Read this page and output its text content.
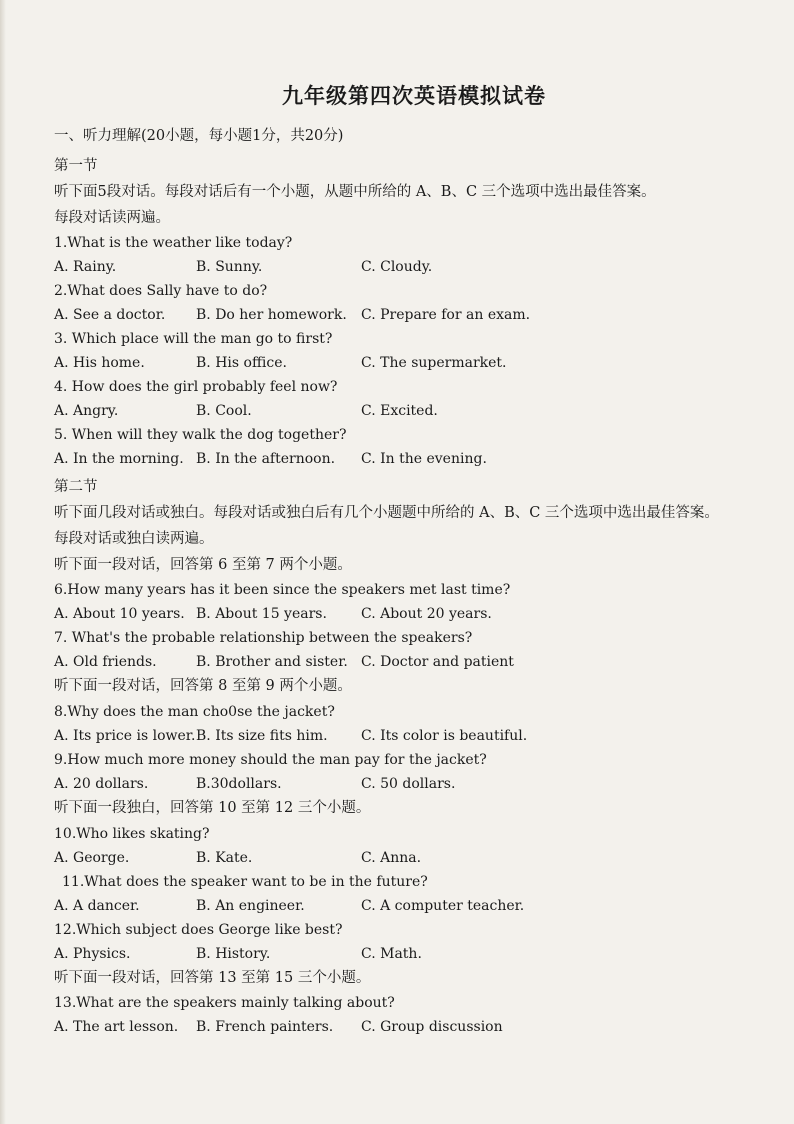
九年级第四次英语模拟试卷
一、听力理解(20小题，每小题1分，共20分)
第一节
听下面5段对话。每段对话后有一个小题，从题中所给的 A、B、C 三个选项中选出最佳答案。
每段对话读两遍。
1.What is the weather like today?
A. Rainy.	B. Sunny.	C. Cloudy.
2.What does Sally have to do?
A. See a doctor.	B. Do her homework.	C. Prepare for an exam.
3. Which place will the man go to first?
A. His home.	B. His office.	C. The supermarket.
4. How does the girl probably feel now?
A. Angry.	B. Cool.	C. Excited.
5. When will they walk the dog together?
A. In the morning. B. In the afternoon.	C. In the evening.
第二节
听下面几段对话或独白。每段对话或独白后有几个小题题中所给的 A、B、C 三个选项中选出最佳答案。
每段对话或独白读两遍。
听下面一段对话，回答第 6 至第 7 两个小题。
6.How many years has it been since the speakers met last time?
A. About 10 years. B. About 15 years.	C. About 20 years.
7. What's the probable relationship between the speakers?
A. Old friends.	B. Brother and sister. C. Doctor and patient
听下面一段对话，回答第 8 至第 9 两个小题。
8.Why does the man cho0se the jacket?
A. Its price is lower. B. Its size fits him.	C. Its color is beautiful.
9.How much more money should the man pay for the jacket?
A. 20 dollars.	B.30dollars.	C. 50 dollars.
听下面一段独白，回答第 10 至第 12 三个小题。
10.Who likes skating?
A. George.	B. Kate.	C. Anna.
11.What does the speaker want to be in the future?
A. A dancer.	B. An engineer.	C. A computer teacher.
12.Which subject does George like best?
A. Physics.	B. History.	C. Math.
听下面一段对话，回答第 13 至第 15 三个小题。
13.What are the speakers mainly talking about?
A. The art lesson.	B. French painters.	C. Group discussion
